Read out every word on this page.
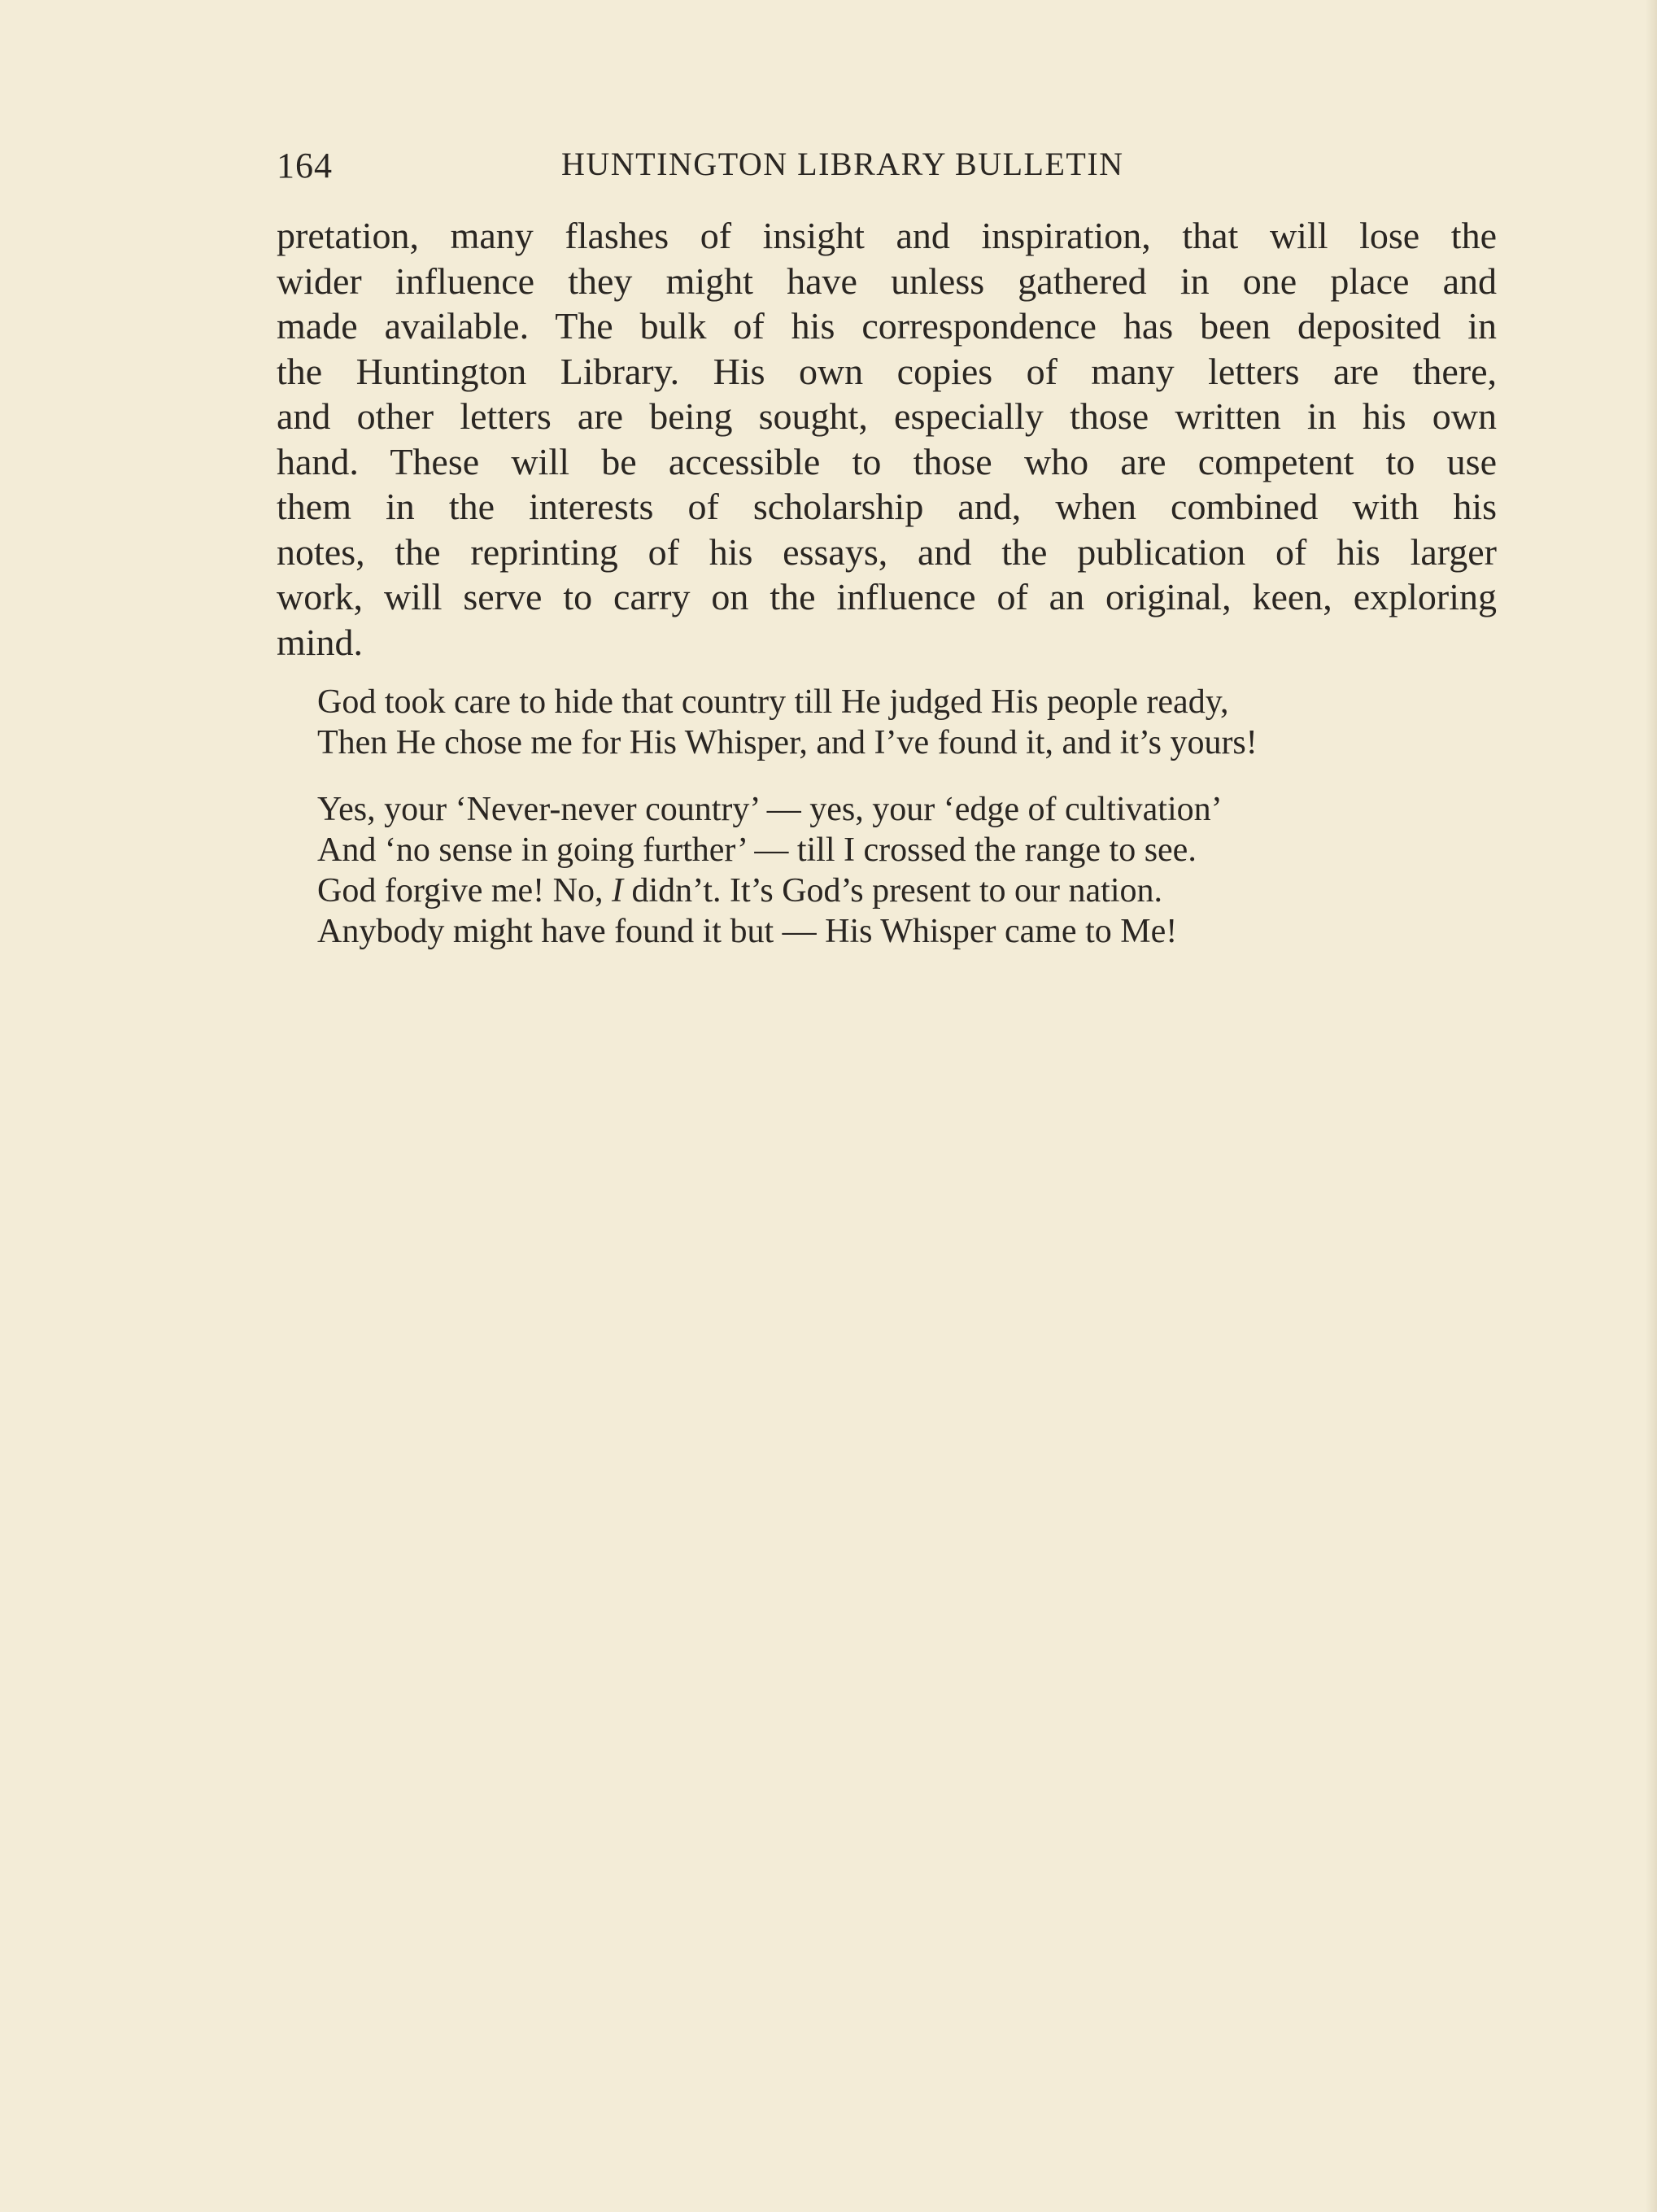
164	HUNTINGTON LIBRARY BULLETIN
pretation, many flashes of insight and inspiration, that will lose the
wider influence they might have unless gathered in one place and
made available. The bulk of his correspondence has been deposited in
the Huntington Library. His own copies of many letters are there,
and other letters are being sought, especially those written in his own
hand. These will be accessible to those who are competent to use
them in the interests of scholarship and, when combined with his
notes, the reprinting of his essays, and the publication of his larger
work, will serve to carry on the influence of an original, keen, exploring
mind.
God took care to hide that country till He judged His people ready,
Then He chose me for His Whisper, and I’ve found it, and it’s yours!
Yes, your ‘Never-never country’ — yes, your ‘edge of cultivation’
And ‘no sense in going further’ — till I crossed the range to see.
God forgive me! No, I didn’t. It’s God’s present to our nation.
Anybody might have found it but — His Whisper came to Me!
